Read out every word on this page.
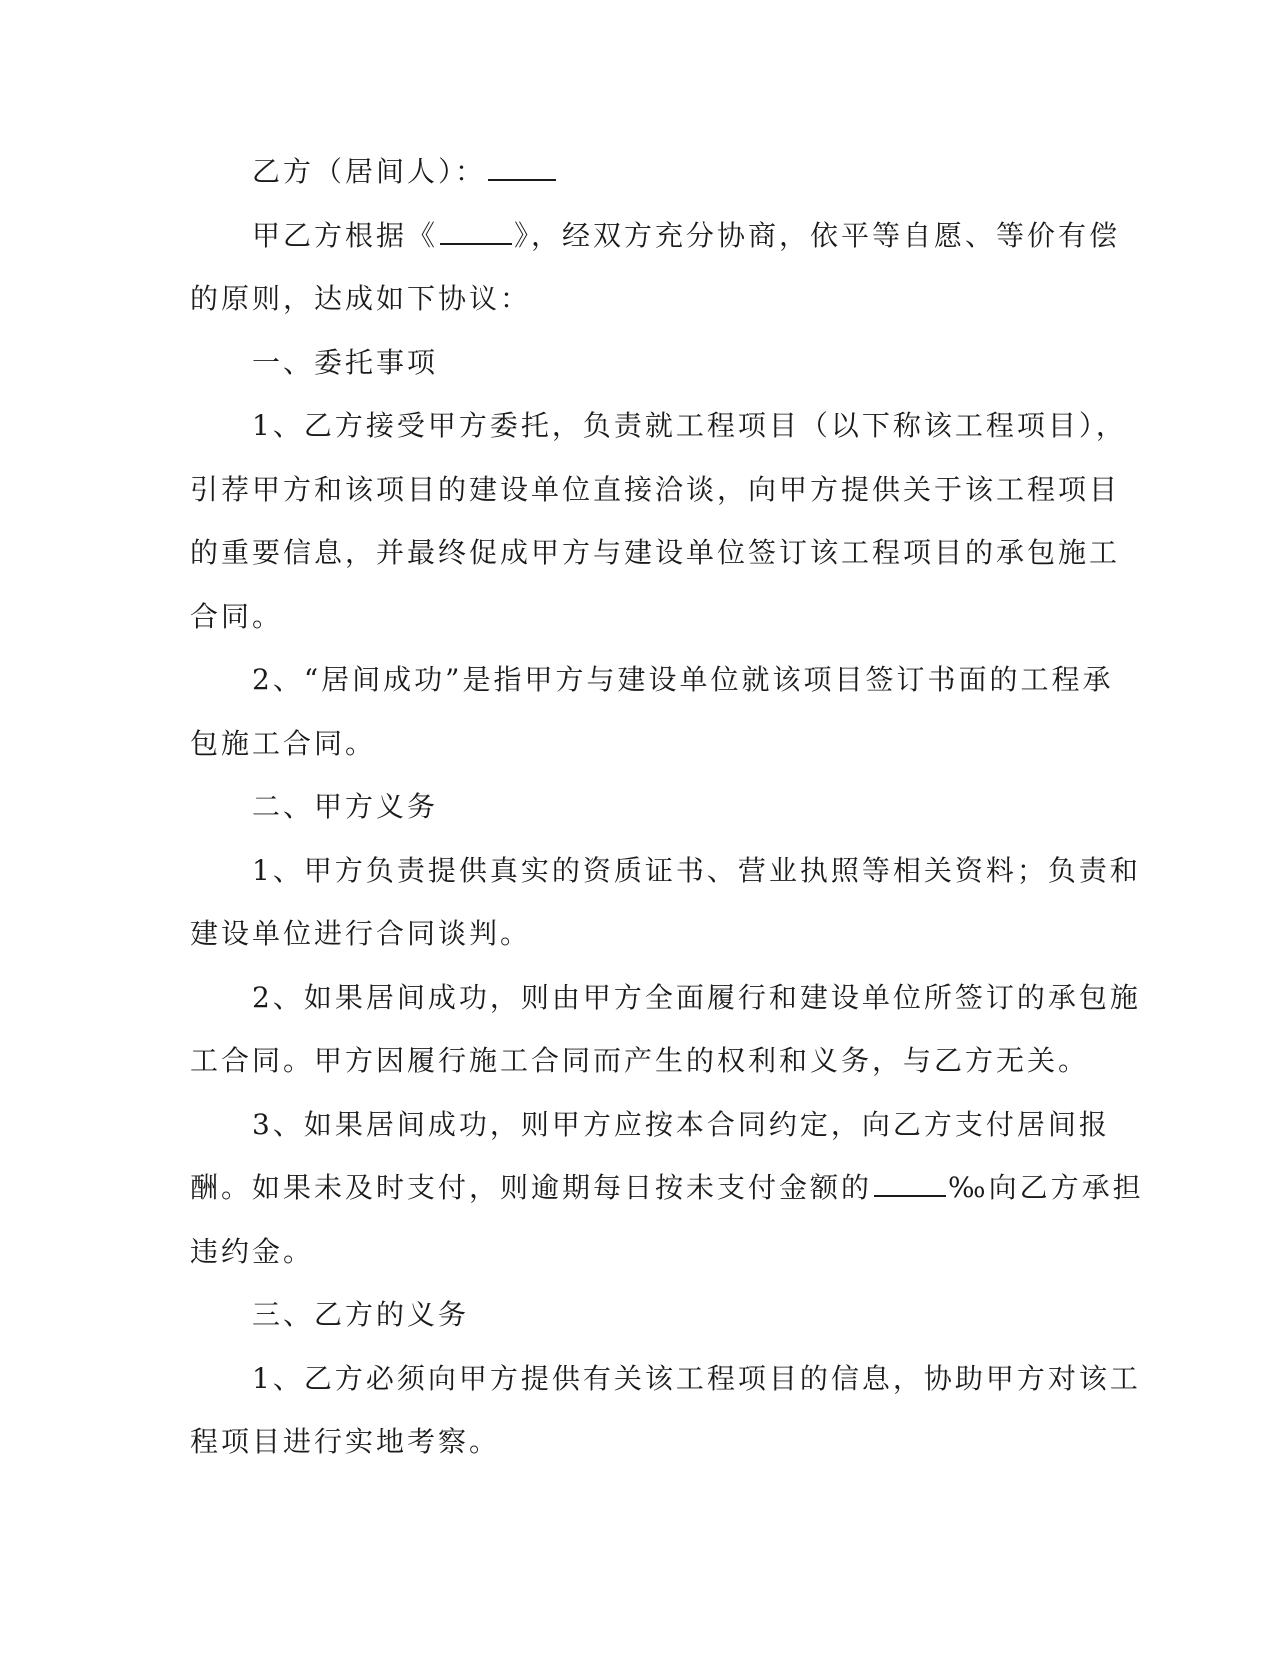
乙方（居间人）：
甲乙方根据《	》，经双方充分协商，依平等自愿、等价有偿
的原则，达成如下协议：
一、委托事项
1、乙方接受甲方委托，负责就工程项目（以下称该工程项目），
引荐甲方和该项目的建设单位直接洽谈，向甲方提供关于该工程项目
的重要信息，并最终促成甲方与建设单位签订该工程项目的承包施工
合同。
2、“居间成功”是指甲方与建设单位就该项目签订书面的工程承
包施工合同。
二、甲方义务
1、甲方负责提供真实的资质证书、营业执照等相关资料；负责和
建设单位进行合同谈判。
2、如果居间成功，则由甲方全面履行和建设单位所签订的承包施
工合同。甲方因履行施工合同而产生的权利和义务，与乙方无关。
3、如果居间成功，则甲方应按本合同约定，向乙方支付居间报
酬。如果未及时支付，则逾期每日按未支付金额的	‰向乙方承担
违约金。
三、乙方的义务
1、乙方必须向甲方提供有关该工程项目的信息，协助甲方对该工
程项目进行实地考察。
